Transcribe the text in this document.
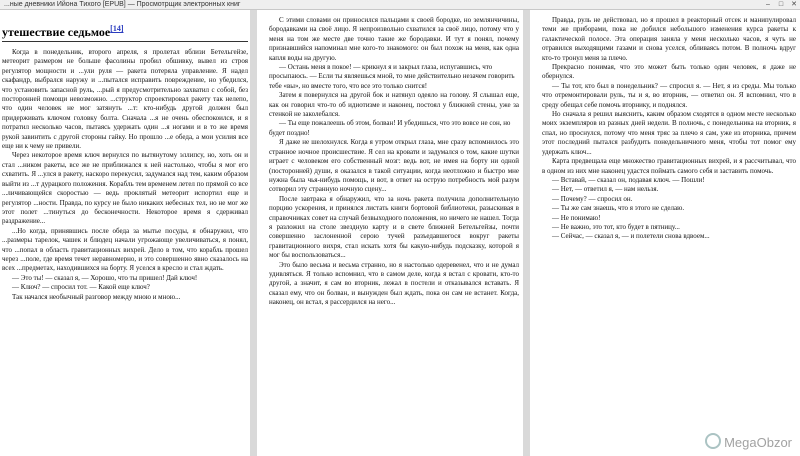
...ные дневники Ийона Тихого [EPUB] — Просмотрщик электронных книг	–	□	✕
утешествие седьмое[14]

Когда в понедельник, второго апреля, я пролетал вблизи Бетельгейзе, метеорит размером не больше фасолины пробил обшивку, вывел из строя регулятор мощности и ...ули руля — ракета потеряла управление. Я надел скафандр, выбрался наружу и ...пытался исправить повреждение, но убедился, что установить запасной руль, ...рый я предусмотрительно захватил с собой, без посторонней помощи невозможно. ...структор спроектировал ракету так нелепо, что один человек не мог затянуть ...т: кто-нибудь другой должен был придерживать ключом головку болта. Сначала ...я не очень обеспокоился, и я потратил несколько часов, пытаясь удержать один ...я ногами и в то же время рукой завинтить с другой стороны гайку. Но прошло ...е обеда, а мои усилия все еще ни к чему не привели.

Через некоторое время ключ вернулся по вытянутому эллипсу, но, хоть он и стал ...ником ракеты, все же не приближался к ней настолько, чтобы я мог его схватить. Я ...улся в ракету, наскоро перекусил, задумался над тем, каким образом выйти из ...т дурацкого положения. Корабль тем временем летел по прямой со все ...личивающейся скоростью — ведь проклятый метеорит испортил еще и регулятор ...ности. Правда, по курсу не было никаких небесных тел, но не мог же этот полет ...тинуться до бесконечности. Некоторое время я сдерживал раздражение...

...Но когда, принявшись после обеда за мытье посуды, я обнаружил, что ...размеры тарелок, чашек и блюдец начали угрожающе увеличиваться, я понял, что ...попал в область гравитационных вихрей. Дело в том, что корабль прошел через ...поле, где время течет неравномерно, и это совершенно явно сказалось на всех ...предметах, находившихся на борту. Я уселся в кресло и стал ждать.

— Это ты! — сказал я, — Хорошо, что ты пришел! Дай ключ!

— Ключ? — спросил тот. — Какой еще ключ?

Так начался необычный разговор между мною и мною...

С этими словами он приносился пальцами к своей бородке, но землянчичины, бородавками на своё лицо. Я непроизвольно схватился за своё лицо, потому что у меня на том же месте две точно такие же бородавки. И тут я понял, почему признавшийся напоминал мне кого-то знакомого: он был похож на меня, как одна капля воды на другую.

— Остань меня в покое! — крикнул я и закрыл глаза, испугавшись, что просыпаюсь. — Если ты являешься мной, то мне действительно незачем говорить тебе «вы», но вместе того, что все это только снится!

Затем я повернулся на другой бок и натянул одеяло на голову. Я слышал еще, как он говорил что-то об идиотизме и наконец, постоял у ближней стены, уже за стенкой не заколебался.

— Ты еще пожалеешь об этом, болван! И убедишься, что это вовсе не сон, но будет поздно!

Я даже не шелохнулся. Когда я утром открыл глаза, мне сразу вспомнилось это странное ночное происшествие. Я сел на кровати и задумался о том, какие шутки играет с человеком его собственный мозг: ведь вот, не имея на борту ни одной (посторонней) души, я оказался в такой ситуации, когда неотложно и быстро мне нужна была чья-нибудь помощь, и вот, в ответ на острую потребность мой разум сотворил эту странную ночную сцену...

После завтрака я обнаружил, что за ночь ракета получила дополнительную порцию ускорения, и принялся листать книги бортовой библиотеки, разыскивая в справочниках совет на случай безвыходного положения, но ничего не нашел. Тогда я разложил на столе звездную карту и в свете ближней Бетельгейзы, почти совершенно заслоненной серою тучей разъедавшегося вокруг ракеты гравитационного вихря, стал искать хотя бы какую-нибудь подсказку, которой я мог бы воспользоваться...

Это было весьма и весьма странно, но я настолько одеревенел, что и не думал удивляться. Я только вспомнил, что в самом деле, когда я встал с кровати, кто-то другой, а значит, я сам во вторник, лежал в постели и отказывался вставать. Я сказал ему, что он болван, и вынужден был ждать, пока он сам не встанет. Когда, наконец, он встал, я рассердился на него...

Правда, руль не действовал, но я прошел в реакторный отсек и манипулировал теми же приборами, пока не добился небольшого изменения курса ракеты к галактической полосе. Эта операция заняла у меня несколько часов, я чуть не отравился выходящими газами и снова уселся, обливаясь потом. В полночь вдруг кто-то тронул меня за плечо.

Прекрасно понимая, что это может быть только один человек, я даже не обернулся.

— Ты тот, кто был в понедельник? — спросил я. — Нет, я из среды. Мы только что отремонтировали руль, ты и я, во вторник, — ответил он. Я вспомнил, что в среду обещал себе помочь вторнику, и поднялся.

Но сначала я решил выяснить, каким образом сходятся в одном месте несколько моих экземпляров из разных дней недели. В полночь, с понедельника на вторник, я спал, но проснулся, потому что меня тряс за плечо я сам, уже из вторника, причем этот последний пытался разбудить понедельничного меня, чтобы тот помог ему удержать ключ...

Карта предвещала еще множество гравитационных вихрей, и я рассчитывал, что в одном из них мне наконец удастся поймать самого себя и заставить помочь.

— Вставай, — сказал он, подавая ключ. — Пошли!

— Нет, — ответил я, — нам нельзя.

— Почему? — спросил он.

— Ты же сам знаешь, что я этого не сделаю.

— Не понимаю!

— Не важно, это тот, кто будет в пятницу...

— Сейчас, — сказал я, — и полетели снова вдвоем...

MegaObzor
